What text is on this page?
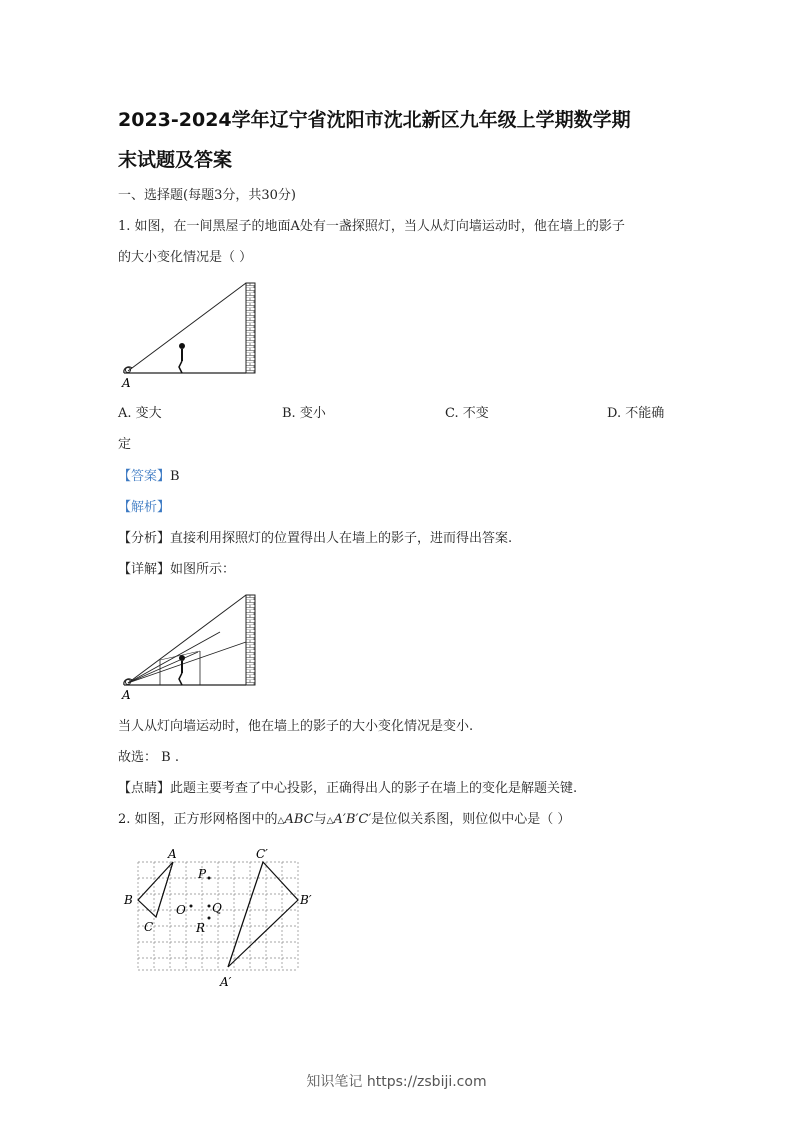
2023-2024学年辽宁省沈阳市沈北新区九年级上学期数学期
末试题及答案
一、选择题(每题3分，共30分)
1. 如图，在一间黑屋子的地面A处有一盏探照灯，当人从灯向墙运动时，他在墙上的影子
的大小变化情况是（ ）
A
A. 变大	B. 变小	C. 不变	D. 不能确
定
【答案】B
【解析】
【分析】直接利用探照灯的位置得出人在墙上的影子，进而得出答案.
【详解】如图所示：
A
当人从灯向墙运动时，他在墙上的影子的大小变化情况是变小.
故选： B .
【点睛】此题主要考查了中心投影，正确得出人的影子在墙上的变化是解题关键.
2. 如图，正方形网格图中的△ABC与△A′B′C′是位似关系图，则位似中心是（ ）
A
B
C
O
P
Q
R
A′
B′
C′
知识笔记 https://zsbiji.com
